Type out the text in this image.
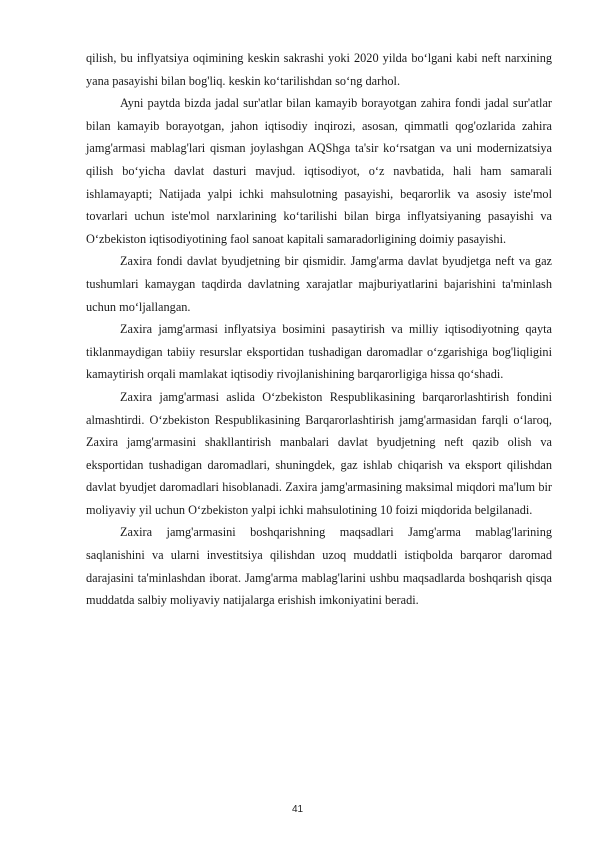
qilish, bu inflyatsiya oqimining keskin sakrashi yoki 2020 yilda bo‘lgani kabi neft narxining yana pasayishi bilan bog'liq. keskin ko‘tarilishdan so‘ng darhol.

Ayni paytda bizda jadal sur'atlar bilan kamayib borayotgan zahira fondi jadal sur'atlar bilan kamayib borayotgan, jahon iqtisodiy inqirozi, asosan, qimmatli qog'ozlarida zahira jamg'armasi mablag'lari qisman joylashgan AQShga ta'sir ko‘rsatgan va uni modernizatsiya qilish bo‘yicha davlat dasturi mavjud. iqtisodiyot, o‘z navbatida, hali ham samarali ishlamayapti; Natijada yalpi ichki mahsulotning pasayishi, beqarorlik va asosiy iste'mol tovarlari uchun iste'mol narxlarining ko‘tarilishi bilan birga inflyatsiyaning pasayishi va O‘zbekiston iqtisodiyotining faol sanoat kapitali samaradorligining doimiy pasayishi.

Zaxira fondi davlat byudjetning bir qismidir. Jamg'arma davlat byudjetga neft va gaz tushumlari kamaygan taqdirda davlatning xarajatlar majburiyatlarini bajarishini ta'minlash uchun mo‘ljallangan.

Zaxira jamg'armasi inflyatsiya bosimini pasaytirish va milliy iqtisodiyotning qayta tiklanmaydigan tabiiy resurslar eksportidan tushadigan daromadlar o‘zgarishiga bog'liqligini kamaytirish orqali mamlakat iqtisodiy rivojlanishining barqarorligiga hissa qo‘shadi.

Zaxira jamg'armasi aslida O‘zbekiston Respublikasining barqarorlashtirish fondini almashtirdi. O‘zbekiston Respublikasining Barqarorlashtirish jamg'armasidan farqli o‘laroq, Zaxira jamg'armasini shakllantirish manbalari davlat byudjetning neft qazib olish va eksportidan tushadigan daromadlari, shuningdek, gaz ishlab chiqarish va eksport qilishdan davlat byudjet daromadlari hisoblanadi. Zaxira jamg'armasining maksimal miqdori ma'lum bir moliyaviy yil uchun O‘zbekiston yalpi ichki mahsulotining 10 foizi miqdorida belgilanadi.

Zaxira jamg'armasini boshqarishning maqsadlari Jamg'arma mablag'larining saqlanishini va ularni investitsiya qilishdan uzoq muddatli istiqbolda barqaror daromad darajasini ta'minlashdan iborat. Jamg'arma mablag'larini ushbu maqsadlarda boshqarish qisqa muddatda salbiy moliyaviy natijalarga erishish imkoniyatini beradi.

41
